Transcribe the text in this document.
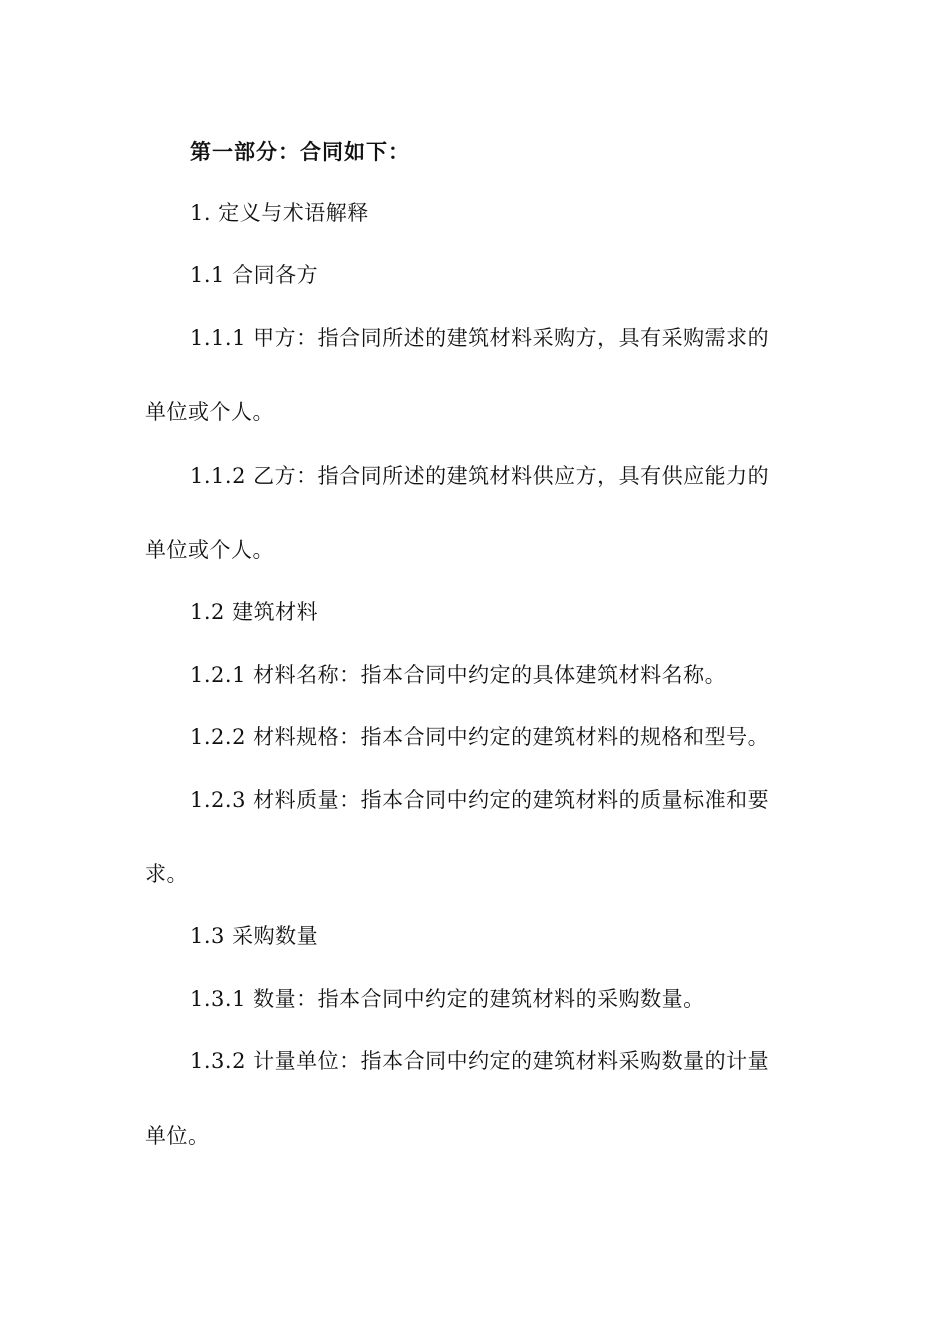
第一部分：合同如下：
1. 定义与术语解释
1.1 合同各方
1.1.1 甲方：指合同所述的建筑材料采购方，具有采购需求的
单位或个人。
1.1.2 乙方：指合同所述的建筑材料供应方，具有供应能力的
单位或个人。
1.2 建筑材料
1.2.1 材料名称：指本合同中约定的具体建筑材料名称。
1.2.2 材料规格：指本合同中约定的建筑材料的规格和型号。
1.2.3 材料质量：指本合同中约定的建筑材料的质量标准和要
求。
1.3 采购数量
1.3.1 数量：指本合同中约定的建筑材料的采购数量。
1.3.2 计量单位：指本合同中约定的建筑材料采购数量的计量
单位。
